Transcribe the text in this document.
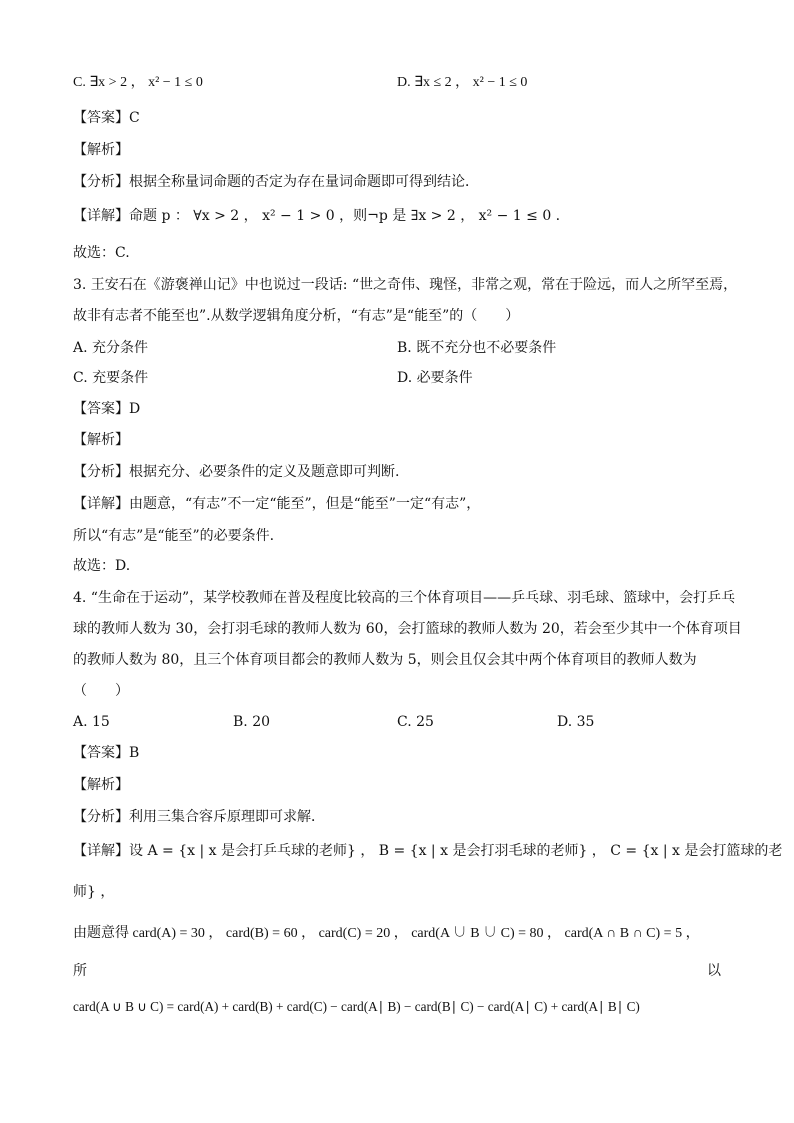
C. ∃x > 2 ， x² − 1 ≤ 0	D. ∃x ≤ 2 ， x² − 1 ≤ 0
【答案】C
【解析】
【分析】根据全称量词命题的否定为存在量词命题即可得到结论．
【详解】命题 p ： ∀x > 2 ， x² − 1 > 0 ，则¬p 是 ∃x > 2 ， x² − 1 ≤ 0 .
故选：C.
3. 王安石在《游褒禅山记》中也说过一段话: “世之奇伟、瑰怪，非常之观，常在于险远，而人之所罕至焉，
故非有志者不能至也”.从数学逻辑角度分析，“有志”是“能至”的（　　）
A. 充分条件	B. 既不充分也不必要条件
C. 充要条件	D. 必要条件
【答案】D
【解析】
【分析】根据充分、必要条件的定义及题意即可判断.
【详解】由题意，“有志”不一定“能至”，但是“能至”一定“有志”，
所以“有志”是“能至”的必要条件.
故选：D.
4. “生命在于运动”，某学校教师在普及程度比较高的三个体育项目——乒乓球、羽毛球、篮球中，会打乒乓
球的教师人数为 30，会打羽毛球的教师人数为 60，会打篮球的教师人数为 20，若会至少其中一个体育项目
的教师人数为 80，且三个体育项目都会的教师人数为 5，则会且仅会其中两个体育项目的教师人数为
（　　）
A. 15	B. 20	C. 25	D. 35
【答案】B
【解析】
【分析】利用三集合容斥原理即可求解．
【详解】设 A = {x | x 是会打乒乓球的老师} ， B = {x | x 是会打羽毛球的老师} ， C = {x | x 是会打篮球的老
师} ，
由题意得 card(A) = 30 ， card(B) = 60 ， card(C) = 20 ， card(A ∪ B ∪ C) = 80 ， card(A ∩ B ∩ C) = 5 ，
所	以
card(A ∪ B ∪ C) = card(A) + card(B) + card(C) − card(A∣ B) − card(B∣ C) − card(A∣ C) + card(A∣ B∣ C)
